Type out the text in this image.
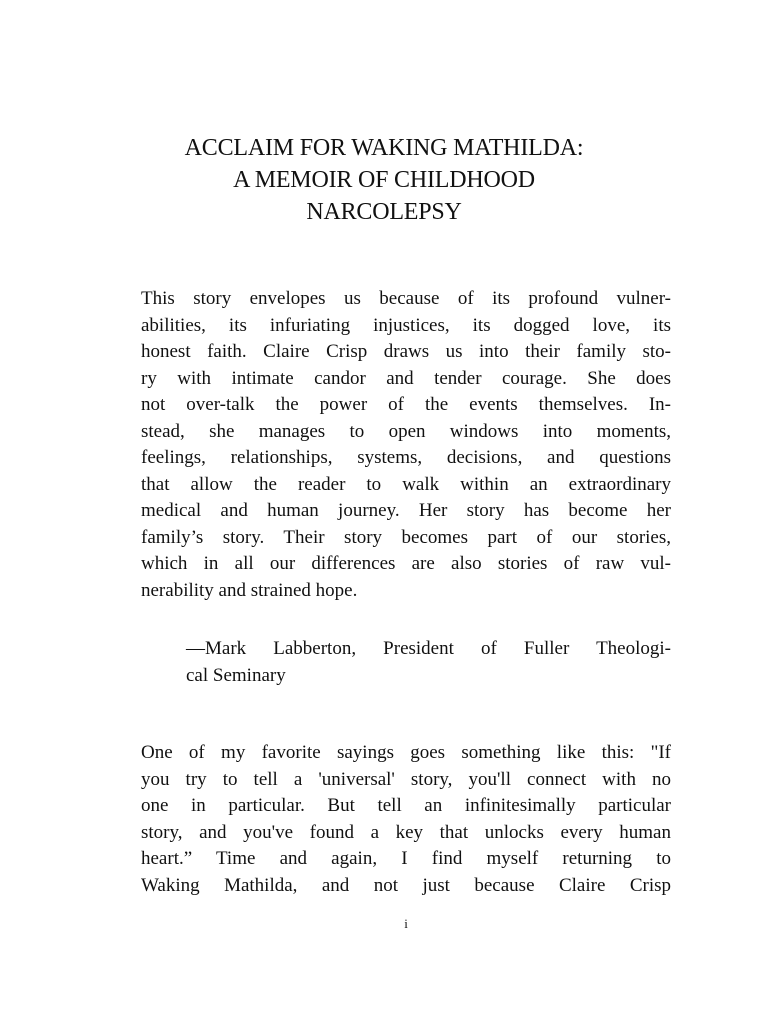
ACCLAIM FOR WAKING MATHILDA:
A MEMOIR OF CHILDHOOD
NARCOLEPSY

This story envelopes us because of its profound vulner-
abilities, its infuriating injustices, its dogged love, its
honest faith. Claire Crisp draws us into their family sto-
ry with intimate candor and tender courage. She does
not over-talk the power of the events themselves. In-
stead, she manages to open windows into moments,
feelings, relationships, systems, decisions, and questions
that allow the reader to walk within an extraordinary
medical and human journey. Her story has become her
family’s story. Their story becomes part of our stories,
which in all our differences are also stories of raw vul-
nerability and strained hope.

—Mark Labberton, President of Fuller Theologi-
cal Seminary

One of my favorite sayings goes something like this: "If
you try to tell a 'universal' story, you'll connect with no
one in particular. But tell an infinitesimally particular
story, and you've found a key that unlocks every human
heart.” Time and again, I find myself returning to
Waking Mathilda, and not just because Claire Crisp

i
